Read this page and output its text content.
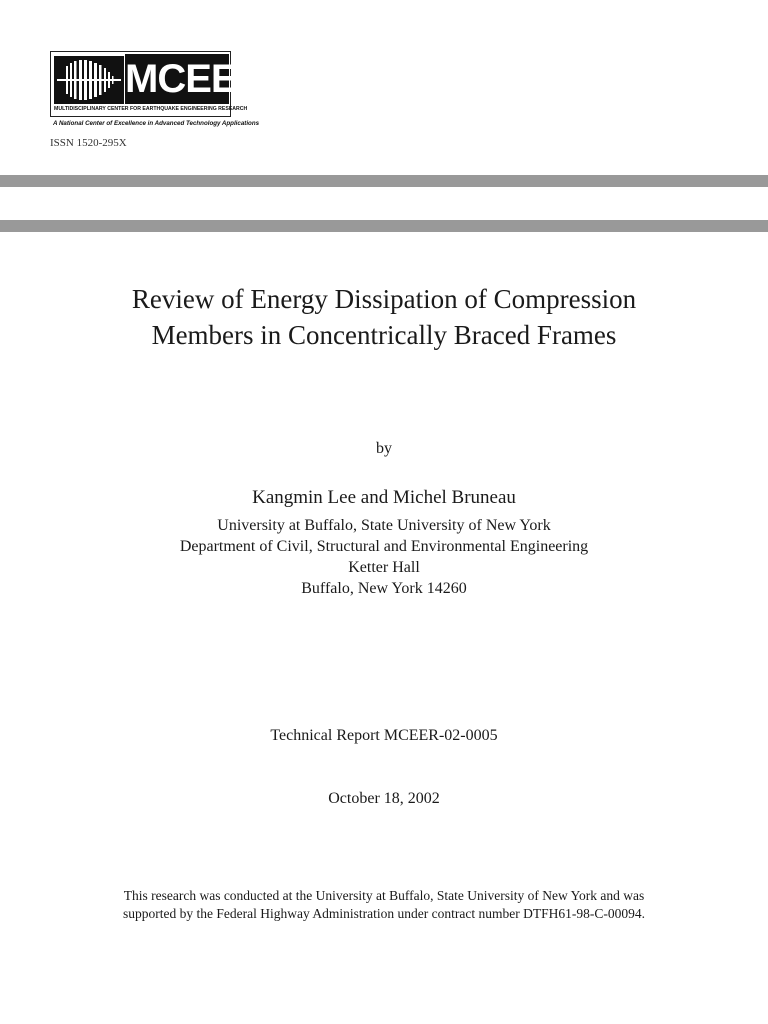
MCEER
MULTIDISCIPLINARY CENTER FOR EARTHQUAKE ENGINEERING RESEARCH
A National Center of Excellence in Advanced Technology Applications
ISSN 1520-295X
Review of Energy Dissipation of Compression
Members in Concentrically Braced Frames
by
Kangmin Lee and Michel Bruneau
University at Buffalo, State University of New York
Department of Civil, Structural and Environmental Engineering
Ketter Hall
Buffalo, New York 14260
Technical Report MCEER-02-0005
October 18, 2002
This research was conducted at the University at Buffalo, State University of New York and was
supported by the Federal Highway Administration under contract number DTFH61-98-C-00094.
